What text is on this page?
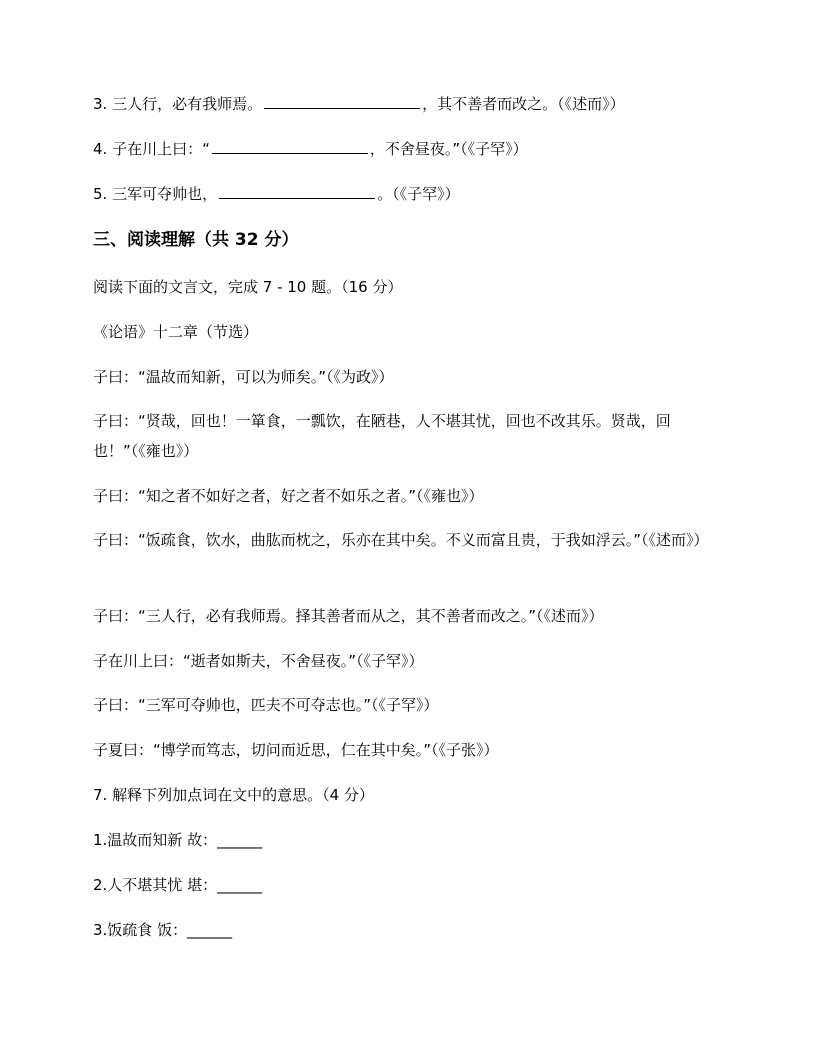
3. 三人行，必有我师焉。	，其不善者而改之。（《述而》）
4. 子在川上曰：“	，不舍昼夜。”（《子罕》）
5. 三军可夺帅也，	。（《子罕》）
三、阅读理解（共 32 分）
阅读下面的文言文，完成 7 - 10 题。（16 分）
《论语》十二章（节选）
子曰：“温故而知新，可以为师矣。”（《为政》）
子曰：“贤哉，回也！一箪食，一瓢饮，在陋巷，人不堪其忧，回也不改其乐。贤哉，回也！”（《雍也》）
子曰：“知之者不如好之者，好之者不如乐之者。”（《雍也》）
子曰：“饭疏食，饮水，曲肱而枕之，乐亦在其中矣。不义而富且贵，于我如浮云。”（《述而》）
子曰：“三人行，必有我师焉。择其善者而从之，其不善者而改之。”（《述而》）
子在川上曰：“逝者如斯夫，不舍昼夜。”（《子罕》）
子曰：“三军可夺帅也，匹夫不可夺志也。”（《子罕》）
子夏曰：“博学而笃志，切问而近思，仁在其中矣。”（《子张》）
7. 解释下列加点词在文中的意思。（4 分）
1.温故而知新 故：______
2.人不堪其忧 堪：______
3.饭疏食 饭：______
